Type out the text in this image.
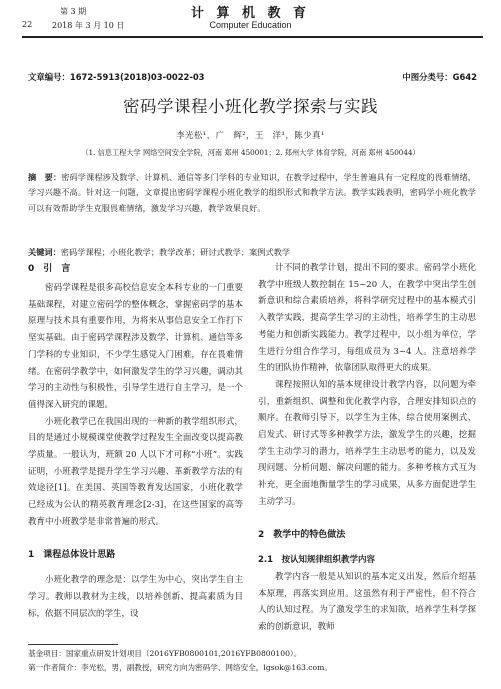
第 3 期
22 2018 年 3 月 10 日
计 算 机 教 育
Computer Education
文章编号：1672-5913(2018)03-0022-03	中图分类号：G642
密码学课程小班化教学探索与实践
李光松¹，广　辉²，王　洋¹，陈少真¹
（1. 信息工程大学 网络空间安全学院，河南 郑州 450001；2. 郑州大学 体育学院，河南 郑州 450044）
摘　要：密码学课程涉及数学、计算机、通信等多门学科的专业知识，在教学过程中，学生普遍具有一定程度的畏难情绪，学习兴趣不高。针对这一问题，文章提出密码学课程小班化教学的组织形式和教学方法。教学实践表明，密码学小班化教学可以有效帮助学生克服畏难情绪，激发学习兴趣，教学效果良好。
关键词：密码学课程；小班化教学；教学改革；研讨式教学；案例式教学
0　引　言

密码学课程是很多高校信息安全本科专业的一门重要基础课程，对建立密码学的整体概念，掌握密码学的基本原理与技术具有重要作用，为将来从事信息安全工作打下坚实基础。由于密码学课程涉及数学、计算机、通信等多门学科的专业知识，不少学生感觉入门困难，存在畏难情绪。在密码学教学中，如何激发学生的学习兴趣，调动其学习的主动性与积极性，引导学生进行自主学习，是一个值得深入研究的课题。

小班化教学已在我国出现的一种新的教学组织形式，目的是通过小规模课堂使教学过程发生全面改变以提高教学质量。一般认为，班额 20 人以下才可称“小班”。实践证明，小班教学是提升学生学习兴趣、革新教学方法的有效途径[1]。在美国、英国等教育发达国家，小班化教学已经成为公认的精英教育理念[2-3]，在这些国家的高等教育中小班教学是非常普遍的形式。

1　课程总体设计思路

小班化教学的理念是：以学生为中心，突出学生自主学习。教师以教材为主线，以培养创新、提高素质为目标，依据不同层次的学生，设

计不同的教学计划，提出不同的要求。密码学小班化教学中班级人数控制在 15~20 人，在教学中突出学生创新意识和综合素质培养，将科学研究过程中的基本模式引入教学实践，提高学生学习的主动性，培养学生的主动思考能力和创新实践能力。教学过程中，以小组为单位，学生进行分组合作学习，每组成员为 3~4 人。注意培养学生的团队协作精神，依靠团队取得更大的成果。

课程按照认知的基本规律设计教学内容，以问题为牵引，重新组织、调整和优化教学内容，合理安排知识点的顺序。在教师引导下，以学生为主体，综合使用案例式、启发式、研讨式等多种教学方法，激发学生的兴趣，挖掘学生主动学习的潜力，培养学生主动思考的能力，以及发现问题、分析问题、解决问题的能力。多种考核方式互为补充，更全面地衡量学生的学习成果，从多方面促进学生主动学习。

2　教学中的特色做法

2.1　按认知规律组织教学内容

教学内容一般是从知识的基本定义出发，然后介绍基本原理，再落实到应用。这虽然有利于严密性，但不符合人的认知过程。为了激发学生的求知欲，培养学生科学探索的创新意识，教师

基金项目：国家重点研发计划项目（2016YFB0800101,2016YFB0800100）。
第一作者简介：李光松，男，副教授，研究方向为密码学、网络安全，lgsok@163.com。
